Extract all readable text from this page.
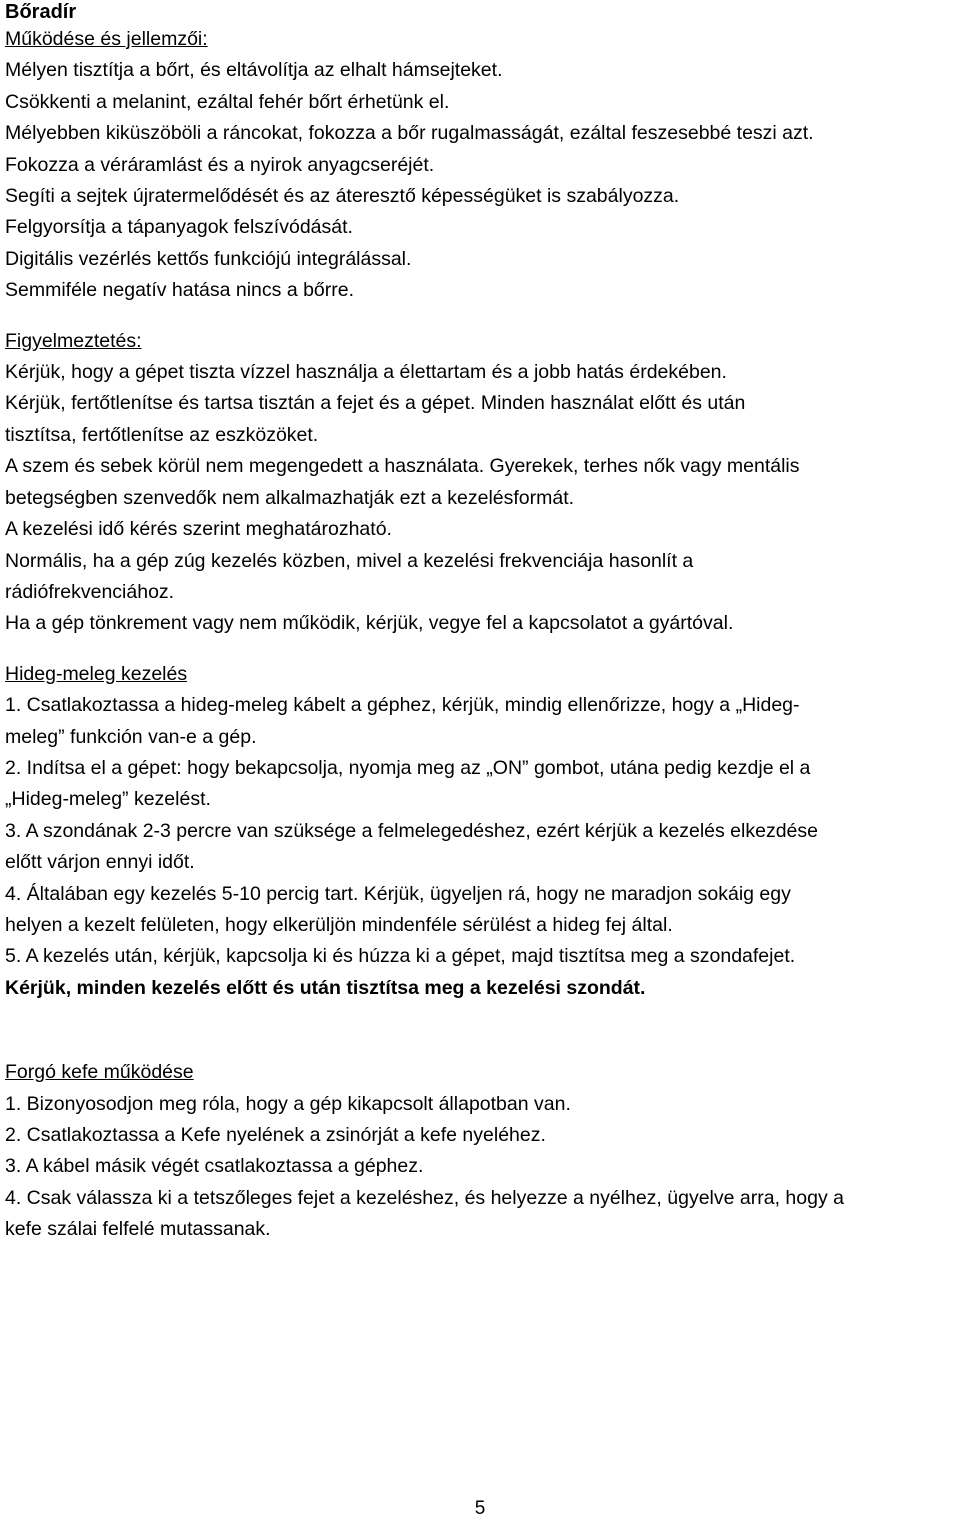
Bőradír
Működése és jellemzői:
Mélyen tisztítja a bőrt, és eltávolítja az elhalt hámsejteket.
Csökkenti a melanint, ezáltal fehér bőrt érhetünk el.
Mélyebben kiküszöböli a ráncokat, fokozza a bőr rugalmasságát, ezáltal feszesebbé teszi azt.
Fokozza a véráramlást és a nyirok anyagcseréjét.
Segíti a sejtek újratermelődését és az áteresztő képességüket is szabályozza.
Felgyorsítja a tápanyagok felszívódását.
Digitális vezérlés kettős funkciójú integrálással.
Semmiféle negatív hatása nincs a bőrre.
Figyelmeztetés:
Kérjük, hogy a gépet tiszta vízzel használja a élettartam és a jobb hatás érdekében.
Kérjük, fertőtlenítse és tartsa tisztán a fejet és a gépet. Minden használat előtt és után
tisztítsa, fertőtlenítse az eszközöket.
A szem és sebek körül nem megengedett a használata. Gyerekek, terhes nők vagy mentális
betegségben szenvedők nem alkalmazhatják ezt a kezelésformát.
A kezelési idő kérés szerint meghatározható.
Normális, ha a gép zúg kezelés közben, mivel a kezelési frekvenciája hasonlít a
rádiófrekvenciához.
Ha a gép tönkrement vagy nem működik, kérjük, vegye fel a kapcsolatot a gyártóval.
Hideg-meleg kezelés
1. Csatlakoztassa a hideg-meleg kábelt a géphez, kérjük, mindig ellenőrizze, hogy a „Hideg-
meleg” funkción van-e a gép.
2. Indítsa el a gépet: hogy bekapcsolja, nyomja meg az „ON” gombot, utána pedig kezdje el a
„Hideg-meleg” kezelést.
3. A szondának 2-3 percre van szüksége a felmelegedéshez, ezért kérjük a kezelés elkezdése
előtt várjon ennyi időt.
4. Általában egy kezelés 5-10 percig tart. Kérjük, ügyeljen rá, hogy ne maradjon sokáig egy
helyen a kezelt felületen, hogy elkerüljön mindenféle sérülést a hideg fej által.
5. A kezelés után, kérjük, kapcsolja ki és húzza ki a gépet, majd tisztítsa meg a szondafejet.
Kérjük, minden kezelés előtt és után tisztítsa meg a kezelési szondát.
Forgó kefe működése
1. Bizonyosodjon meg róla, hogy a gép kikapcsolt állapotban van.
2. Csatlakoztassa a Kefe nyelének a zsinórját a kefe nyeléhez.
3. A kábel másik végét csatlakoztassa a géphez.
4. Csak válassza ki a tetszőleges fejet a kezeléshez, és helyezze a nyélhez, ügyelve arra, hogy a
kefe szálai felfelé mutassanak.
5
